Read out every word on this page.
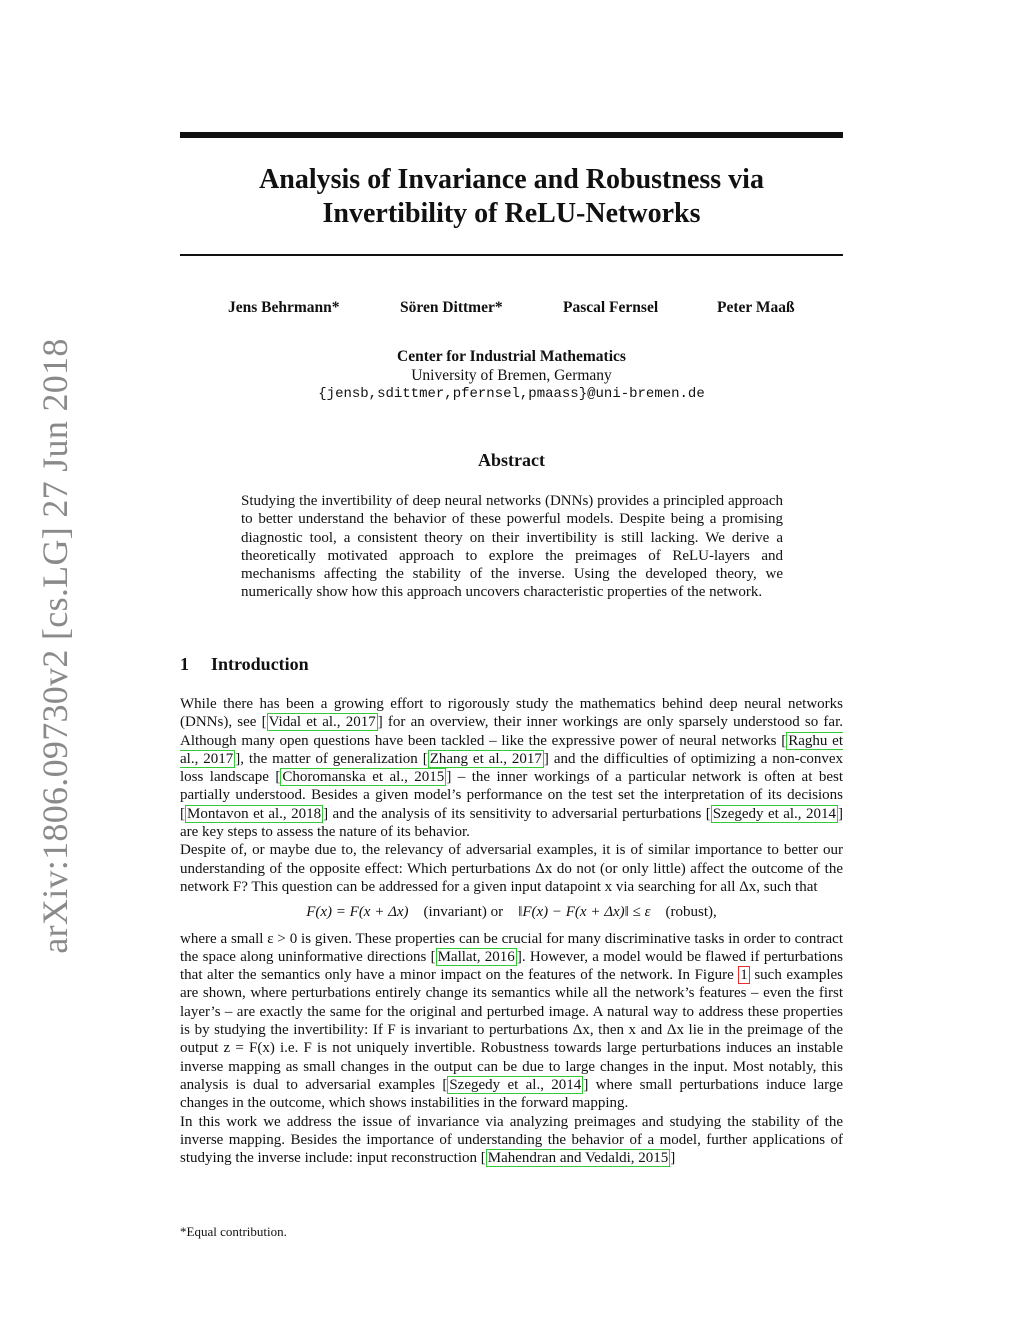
arXiv:1806.09730v2 [cs.LG] 27 Jun 2018
Analysis of Invariance and Robustness via
Invertibility of ReLU-Networks
Jens Behrmann*	Sören Dittmer*	Pascal Fernsel	Peter Maaß
Center for Industrial Mathematics
University of Bremen, Germany
{jensb,sdittmer,pfernsel,pmaass}@uni-bremen.de
Abstract
Studying the invertibility of deep neural networks (DNNs) provides a principled approach to better understand the behavior of these powerful models. Despite being a promising diagnostic tool, a consistent theory on their invertibility is still lacking. We derive a theoretically motivated approach to explore the preimages of ReLU-layers and mechanisms affecting the stability of the inverse. Using the developed theory, we numerically show how this approach uncovers characteristic properties of the network.
1 Introduction

While there has been a growing effort to rigorously study the mathematics behind deep neural networks (DNNs), see [ Vidal et al., 2017 ] for an overview, their inner workings are only sparsely understood so far. Although many open questions have been tackled – like the expressive power of neural networks [ Raghu et al., 2017 ], the matter of generalization [ Zhang et al., 2017 ] and the difficulties of optimizing a non-convex loss landscape [ Choromanska et al., 2015 ] – the inner workings of a particular network is often at best partially understood. Besides a given model’s performance on the test set the interpretation of its decisions [ Montavon et al., 2018 ] and the analysis of its sensitivity to adversarial perturbations [ Szegedy et al., 2014 ] are key steps to assess the nature of its behavior.

Despite of, or maybe due to, the relevancy of adversarial examples, it is of similar importance to better our understanding of the opposite effect: Which perturbations Δx do not (or only little) affect the outcome of the network F? This question can be addressed for a given input datapoint x via searching for all Δx, such that

F(x) = F(x + Δx) (invariant) or ‖F(x) − F(x + Δx)‖ ≤ ε (robust),

where a small ε > 0 is given. These properties can be crucial for many discriminative tasks in order to contract the space along uninformative directions [ Mallat, 2016 ]. However, a model would be flawed if perturbations that alter the semantics only have a minor impact on the features of the network. In Figure 1 such examples are shown, where perturbations entirely change its semantics while all the network’s features – even the first layer’s – are exactly the same for the original and perturbed image. A natural way to address these properties is by studying the invertibility: If F is invariant to perturbations Δx, then x and Δx lie in the preimage of the output z = F(x) i.e. F is not uniquely invertible. Robustness towards large perturbations induces an instable inverse mapping as small changes in the output can be due to large changes in the input. Most notably, this analysis is dual to adversarial examples [ Szegedy et al., 2014 ] where small perturbations induce large changes in the outcome, which shows instabilities in the forward mapping.

In this work we address the issue of invariance via analyzing preimages and studying the stability of the inverse mapping. Besides the importance of understanding the behavior of a model, further applications of studying the inverse include: input reconstruction [ Mahendran and Vedaldi, 2015 ]

*Equal contribution.
